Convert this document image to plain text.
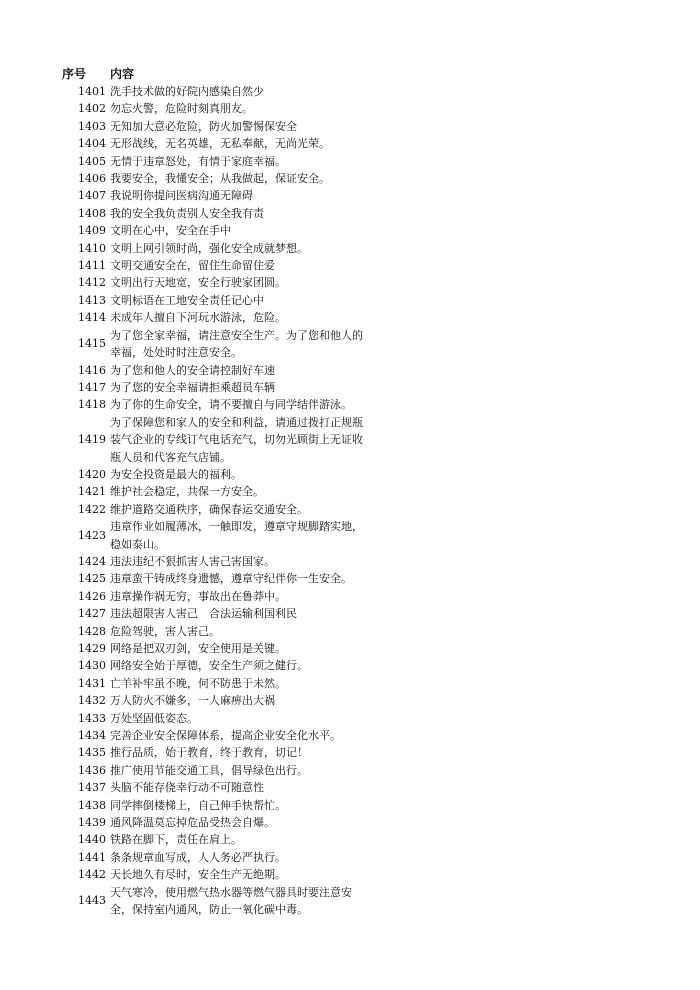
序号	内容
1401 洗手技术做的好院内感染自然少
1402 勿忘火警，危险时刻真朋友。
1403 无知加大意必危险，防火加警惕保安全
1404 无形战线，无名英雄，无私奉献，无尚光荣。
1405 无情于违章怒处，有情于家庭幸福。
1406 我要安全，我懂安全；从我做起，保证安全。
1407 我说明你提问医病沟通无障碍
1408 我的安全我负责别人安全我有责
1409 文明在心中，安全在手中
1410 文明上网引领时尚，强化安全成就梦想。
1411 文明交通安全在，留住生命留住爱
1412 文明出行天地宽，安全行驶家团圆。
1413 文明标语在工地安全责任记心中
1414 未成年人擅自下河玩水游泳，危险。
1415
为了您全家幸福，请注意安全生产。为了您和他人的幸福，处处时时注意安全。
1416 为了您和他人的安全请控制好车速
1417 为了您的安全幸福请拒乘超员车辆
1418 为了你的生命安全，请不要擅自与同学结伴游泳。
1419
为了保障您和家人的安全和利益，请通过拨打正规瓶装气企业的专线订气电话充气，切勿光顾街上无证收瓶人员和代客充气店铺。
1420 为安全投资是最大的福利。
1421 维护社会稳定，共保一方安全。
1422 维护道路交通秩序，确保春运交通安全。
1423
违章作业如履薄冰，一触即发，遵章守规脚踏实地，稳如泰山。
1424 违法违纪不狠抓害人害己害国家。
1425 违章蛮干铸成终身遗憾，遵章守纪伴你一生安全。
1426 违章操作祸无穷，事故出在鲁莽中。
1427 违法超限害人害己　合法运输利国利民
1428 危险驾驶，害人害己。
1429 网络是把双刃剑，安全使用是关键。
1430 网络安全始于厚德，安全生产须之健行。
1431 亡羊补牢虽不晚，何不防患于未然。
1432 万人防火不嫌多，一人麻痹出大祸
1433 万处坚固低姿态。
1434 完善企业安全保障体系，提高企业安全化水平。
1435 推行品质，始于教育，终于教育，切记！
1436 推广使用节能交通工具，倡导绿色出行。
1437 头脑不能存侥幸行动不可随意性
1438 同学摔倒楼梯上，自己伸手快帮忙。
1439 通风降温莫忘掉危品受热会自爆。
1440 铁路在脚下，责任在肩上。
1441 条条规章血写成，人人务必严执行。
1442 天长地久有尽时，安全生产无绝期。
1443
天气寒冷，使用燃气热水器等燃气器具时要注意安全，保持室内通风，防止一氧化碳中毒。
